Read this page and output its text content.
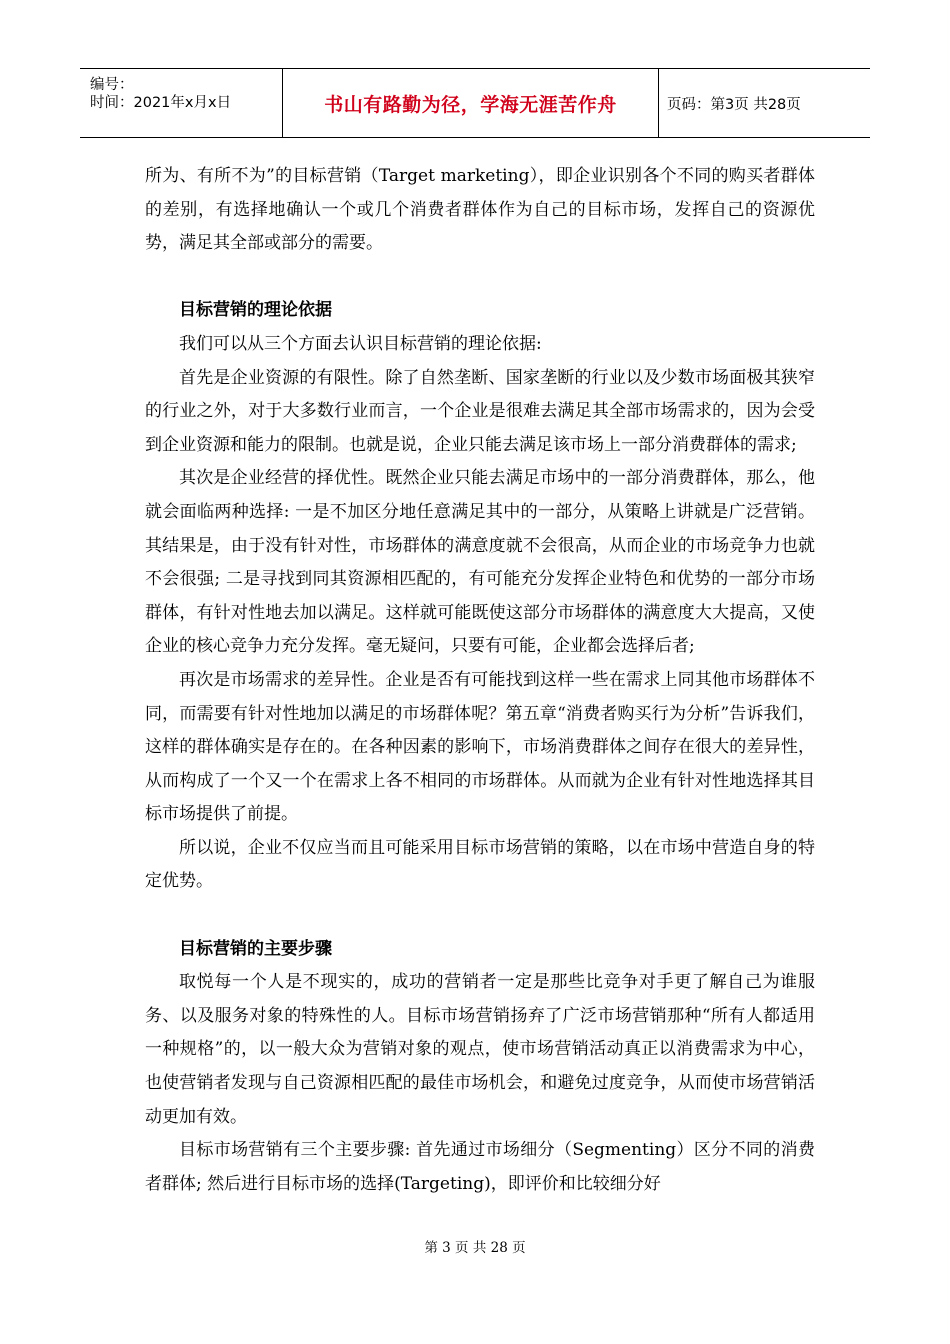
编号：
时间：2021年x月x日	书山有路勤为径，学海无涯苦作舟	页码：第3页 共28页

所为、有所不为”的目标营销（Target marketing），即企业识别各个不同的购买者群体的差别，有选择地确认一个或几个消费者群体作为自己的目标市场，发挥自己的资源优势，满足其全部或部分的需要。

目标营销的理论依据

我们可以从三个方面去认识目标营销的理论依据:

首先是企业资源的有限性。除了自然垄断、国家垄断的行业以及少数市场面极其狭窄的行业之外，对于大多数行业而言，一个企业是很难去满足其全部市场需求的，因为会受到企业资源和能力的限制。也就是说，企业只能去满足该市场上一部分消费群体的需求;

其次是企业经营的择优性。既然企业只能去满足市场中的一部分消费群体，那么，他就会面临两种选择: 一是不加区分地任意满足其中的一部分，从策略上讲就是广泛营销。其结果是，由于没有针对性，市场群体的满意度就不会很高，从而企业的市场竞争力也就不会很强; 二是寻找到同其资源相匹配的，有可能充分发挥企业特色和优势的一部分市场群体，有针对性地去加以满足。这样就可能既使这部分市场群体的满意度大大提高，又使企业的核心竞争力充分发挥。毫无疑问，只要有可能，企业都会选择后者;

再次是市场需求的差异性。企业是否有可能找到这样一些在需求上同其他市场群体不同，而需要有针对性地加以满足的市场群体呢？第五章“消费者购买行为分析”告诉我们，这样的群体确实是存在的。在各种因素的影响下，市场消费群体之间存在很大的差异性，从而构成了一个又一个在需求上各不相同的市场群体。从而就为企业有针对性地选择其目标市场提供了前提。

所以说，企业不仅应当而且可能采用目标市场营销的策略，以在市场中营造自身的特定优势。

目标营销的主要步骤

取悦每一个人是不现实的，成功的营销者一定是那些比竞争对手更了解自己为谁服务、以及服务对象的特殊性的人。目标市场营销扬弃了广泛市场营销那种“所有人都适用一种规格”的，以一般大众为营销对象的观点，使市场营销活动真正以消费需求为中心，也使营销者发现与自己资源相匹配的最佳市场机会，和避免过度竞争，从而使市场营销活动更加有效。

目标市场营销有三个主要步骤: 首先通过市场细分（Segmenting）区分不同的消费者群体; 然后进行目标市场的选择(Targeting)，即评价和比较细分好

第 3 页 共 28 页
